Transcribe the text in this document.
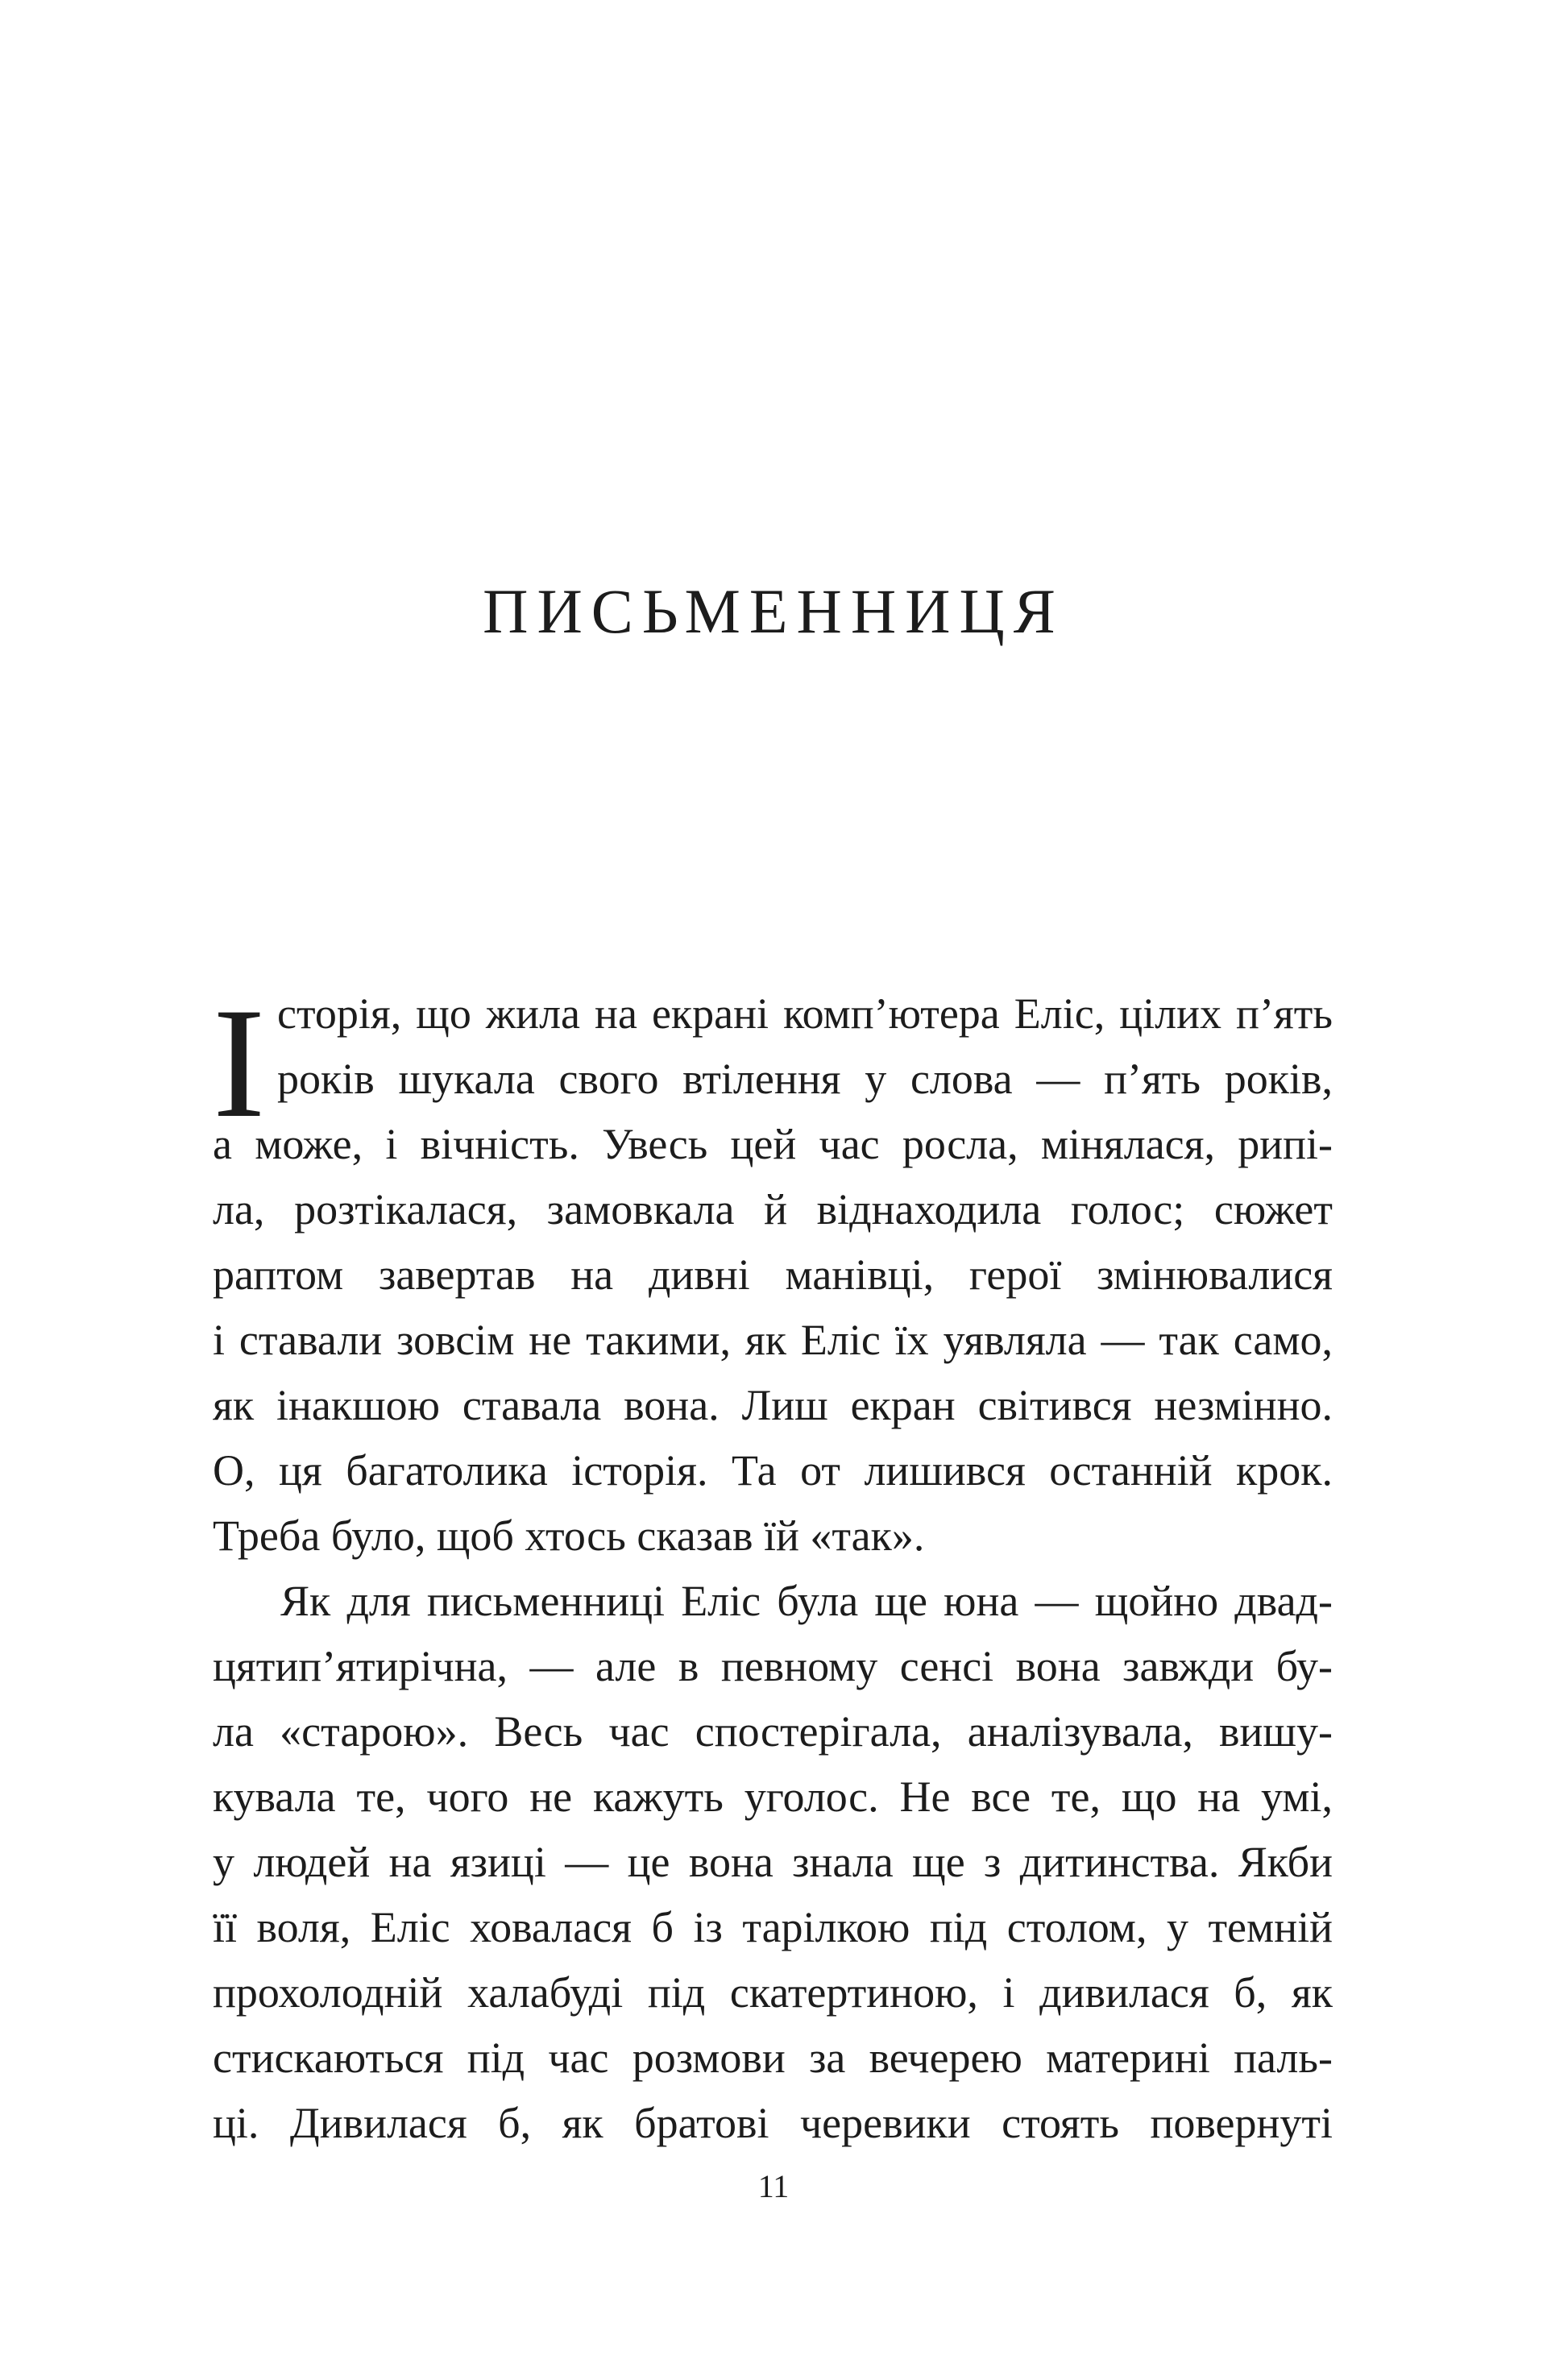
ПИСЬМЕННИЦЯ
І сторія, що жила на екрані комп’ютера Еліс, цілих п’ять
років шукала свого втілення у слова — п’ять років,
а може, і вічність. Увесь цей час росла, мінялася, рипі-
ла, розтікалася, замовкала й віднаходила голос; сюжет
раптом завертав на дивні манівці, герої змінювалися
і ставали зовсім не такими, як Еліс їх уявляла — так само,
як інакшою ставала вона. Лиш екран світився незмінно.
О, ця багатолика історія. Та от лишився останній крок.
Треба було, щоб хтось сказав їй «так».
Як для письменниці Еліс була ще юна — щойно двад-
цятип’ятирічна, — але в певному сенсі вона завжди бу-
ла «старою». Весь час спостерігала, аналізувала, вишу-
кувала те, чого не кажуть уголос. Не все те, що на умі,
у людей на язиці — це вона знала ще з дитинства. Якби
її воля, Еліс ховалася б із тарілкою під столом, у темній
прохолодній халабуді під скатертиною, і дивилася б, як
стискаються під час розмови за вечерею материні паль-
ці. Дивилася б, як братові черевики стоять повернуті
11
